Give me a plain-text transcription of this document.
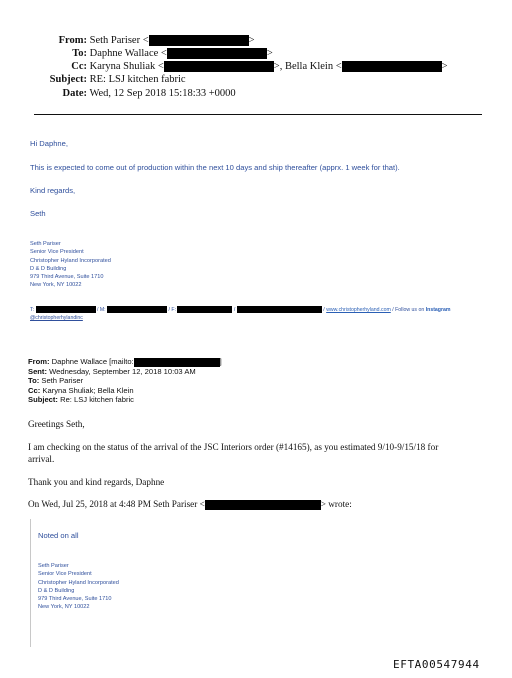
From: Seth Pariser <	>
To: Daphne Wallace <	>
Cc: Karyna Shuliak <	>, Bella Klein <	>
Subject: RE: LSJ kitchen fabric
Date: Wed, 12 Sep 2018 15:18:33 +0000
Hi Daphne,
This is expected to come out of production within the next 10 days and ship thereafter (apprx. 1 week for that).
Kind regards,
Seth
Seth Pariser
Senior Vice President
Christopher Hyland Incorporated
D & D Building
979 Third Avenue, Suite 1710
New York, NY 10022
T:	/ M:	/ F:	/	/ www.christopherhyland.com / Follow us on Instagram
@christopherhylandinc
From: Daphne Wallace [mailto:	]
Sent: Wednesday, September 12, 2018 10:03 AM
To: Seth Pariser
Cc: Karyna Shuliak; Bella Klein
Subject: Re: LSJ kitchen fabric
Greetings Seth,
I am checking on the status of the arrival of the JSC Interiors order (#14165), as you estimated 9/10-9/15/18 for
arrival.
Thank you and kind regards, Daphne
On Wed, Jul 25, 2018 at 4:48 PM Seth Pariser <	> wrote:
Noted on all
Seth Pariser
Senior Vice President
Christopher Hyland Incorporated
D & D Building
979 Third Avenue, Suite 1710
New York, NY 10022
EFTA00547944
